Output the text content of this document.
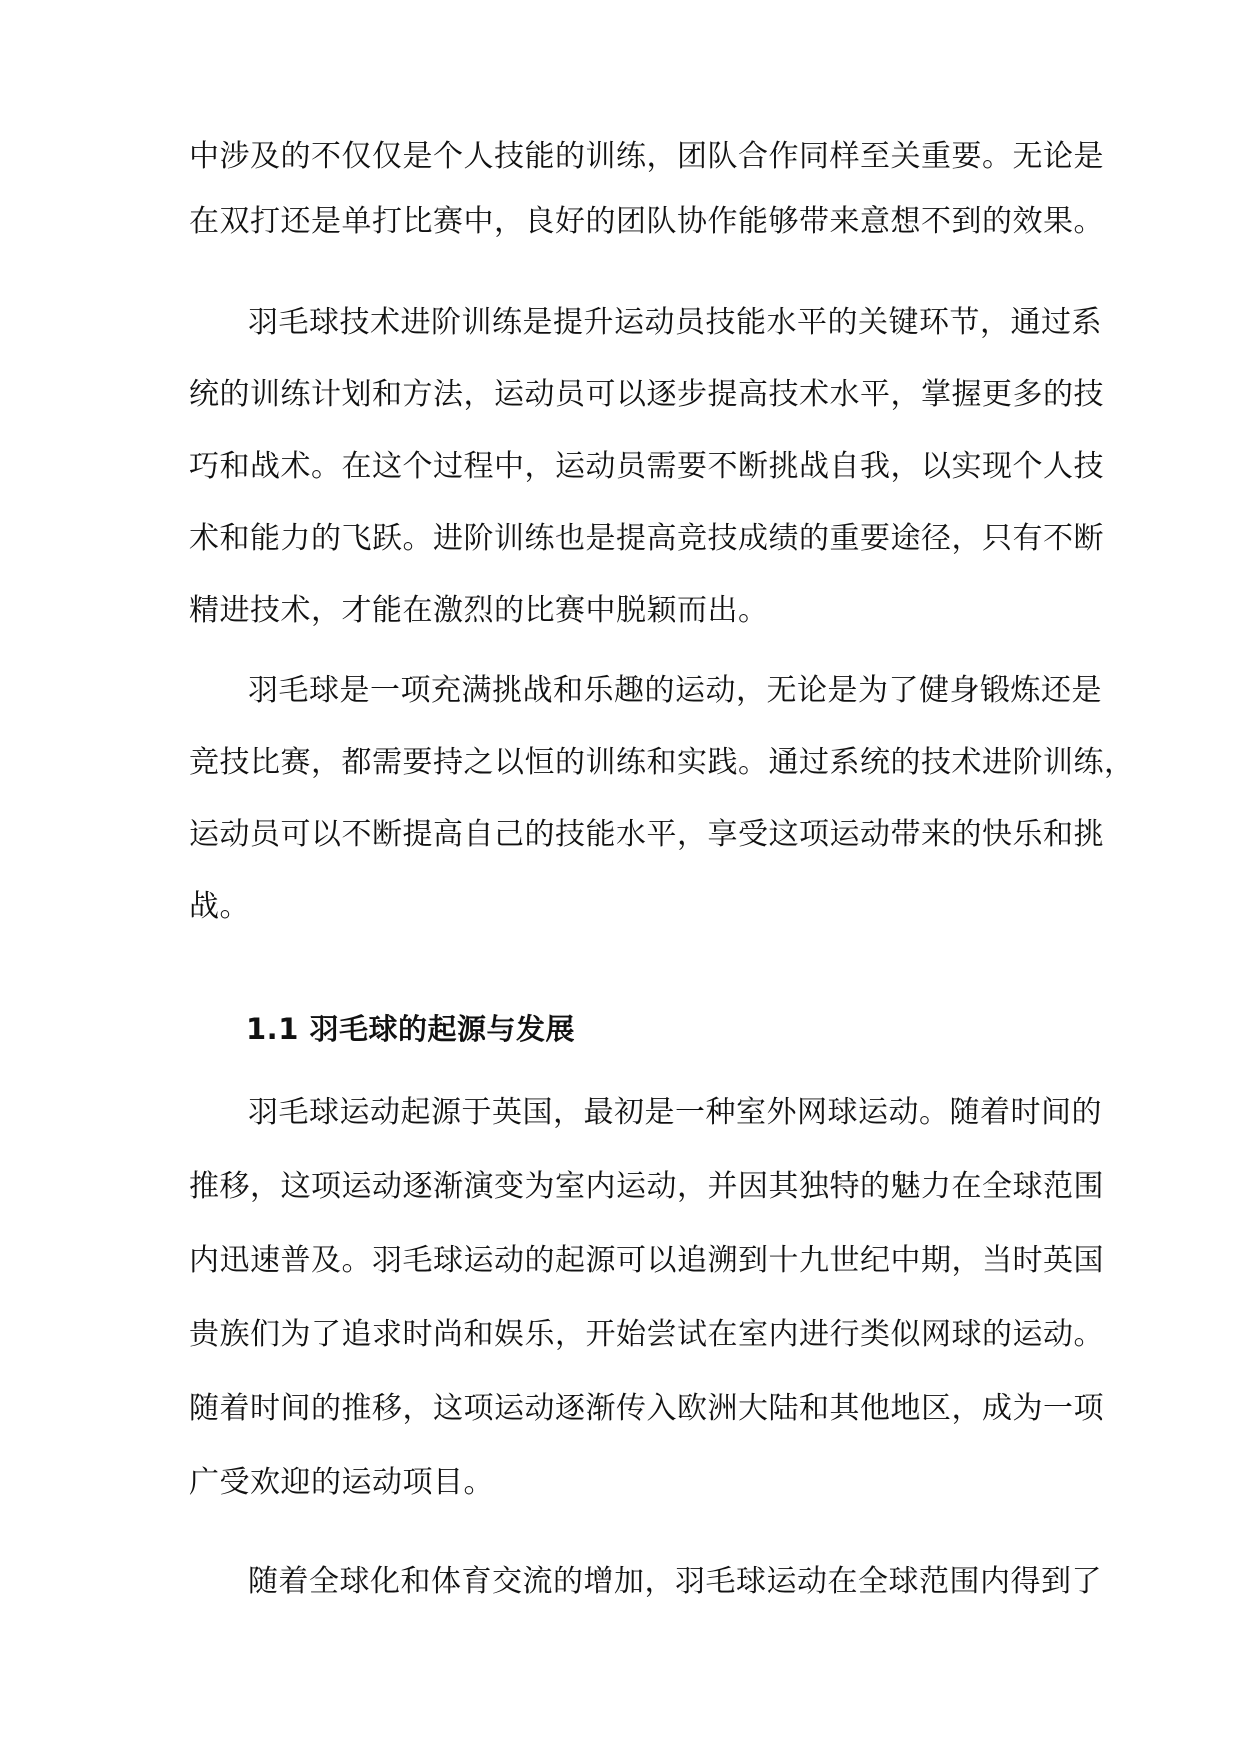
中涉及的不仅仅是个人技能的训练，团队合作同样至关重要。无论是
在双打还是单打比赛中，良好的团队协作能够带来意想不到的效果。
羽毛球技术进阶训练是提升运动员技能水平的关键环节，通过系
统的训练计划和方法，运动员可以逐步提高技术水平，掌握更多的技
巧和战术。在这个过程中，运动员需要不断挑战自我，以实现个人技
术和能力的飞跃。进阶训练也是提高竞技成绩的重要途径，只有不断
精进技术，才能在激烈的比赛中脱颖而出。
羽毛球是一项充满挑战和乐趣的运动，无论是为了健身锻炼还是
竞技比赛，都需要持之以恒的训练和实践。通过系统的技术进阶训练，
运动员可以不断提高自己的技能水平，享受这项运动带来的快乐和挑
战。
1.1 羽毛球的起源与发展
羽毛球运动起源于英国，最初是一种室外网球运动。随着时间的
推移，这项运动逐渐演变为室内运动，并因其独特的魅力在全球范围
内迅速普及。羽毛球运动的起源可以追溯到十九世纪中期，当时英国
贵族们为了追求时尚和娱乐，开始尝试在室内进行类似网球的运动。
随着时间的推移，这项运动逐渐传入欧洲大陆和其他地区，成为一项
广受欢迎的运动项目。
随着全球化和体育交流的增加，羽毛球运动在全球范围内得到了
